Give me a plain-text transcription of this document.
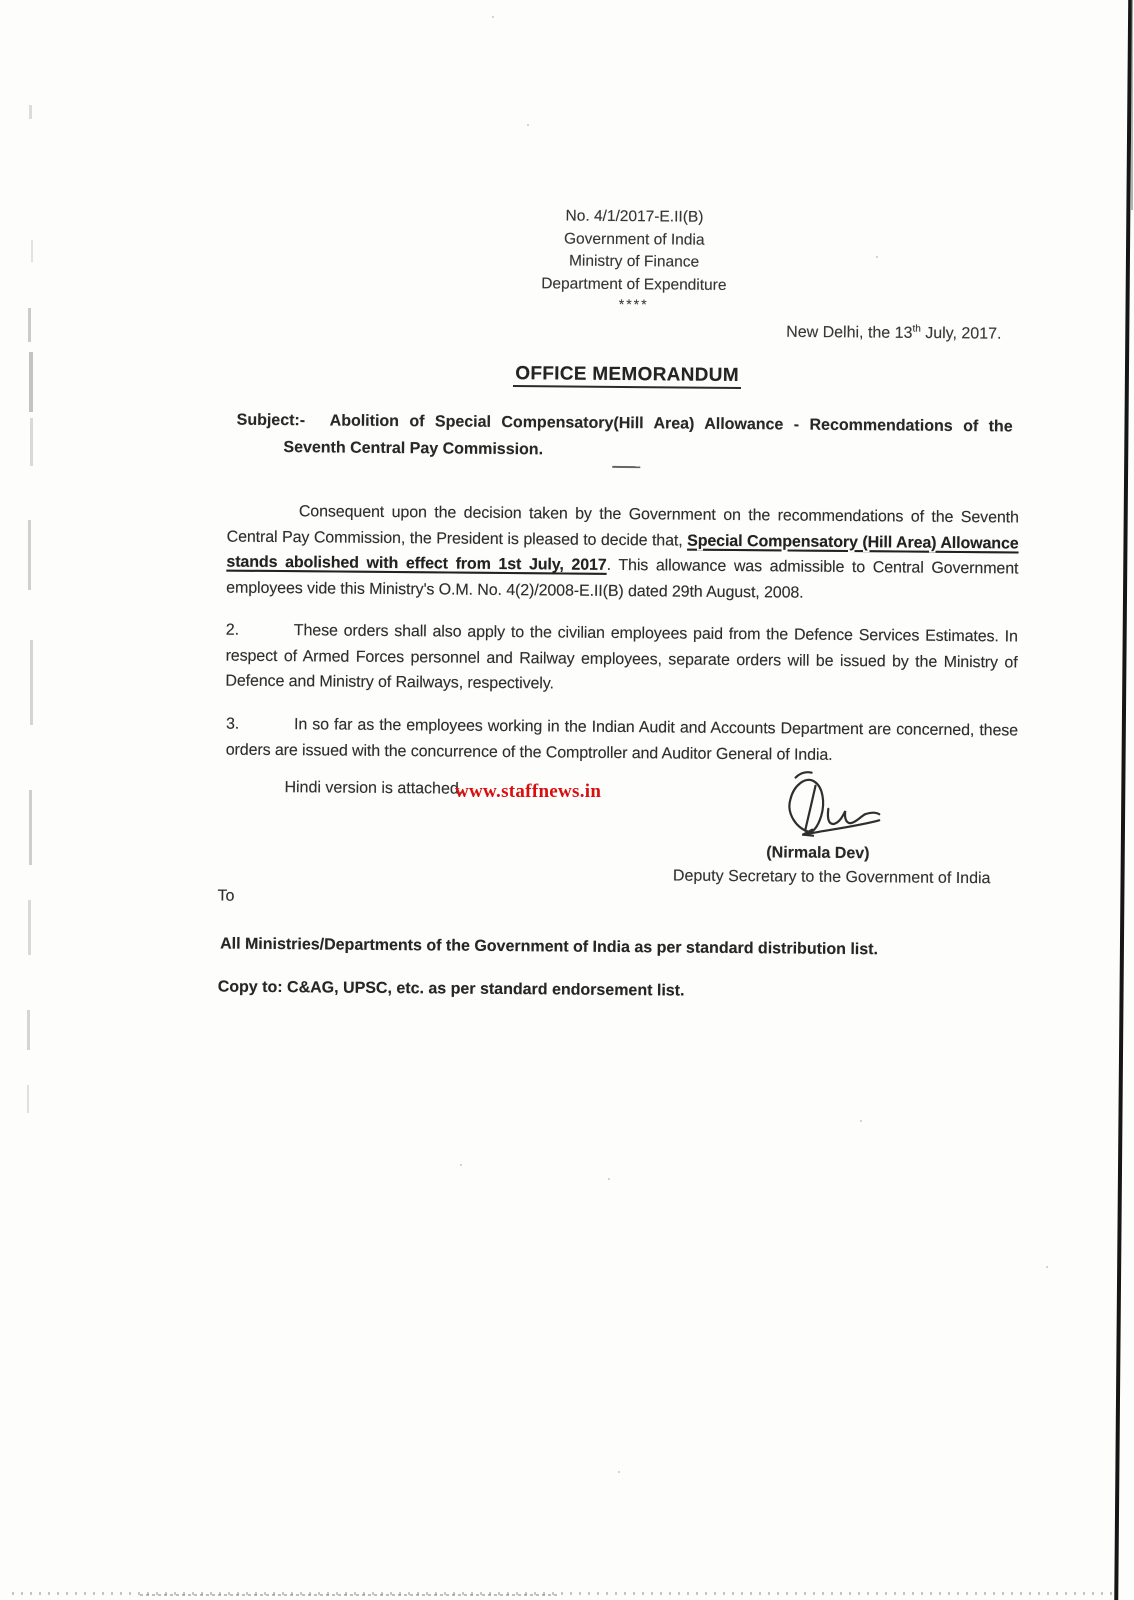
No. 4/1/2017-E.II(B)
Government of India
Ministry of Finance
Department of Expenditure
****
New Delhi, the 13th July, 2017.
OFFICE MEMORANDUM
Subject:-	Abolition of Special Compensatory(Hill Area) Allowance - Recommendations of the Seventh Central Pay Commission.
Consequent upon the decision taken by the Government on the recommendations of the Seventh Central Pay Commission, the President is pleased to decide that, Special Compensatory (Hill Area) Allowance stands abolished with effect from 1st July, 2017. This allowance was admissible to Central Government employees vide this Ministry's O.M. No. 4(2)/2008-E.II(B) dated 29th August, 2008.
2.	These orders shall also apply to the civilian employees paid from the Defence Services Estimates. In respect of Armed Forces personnel and Railway employees, separate orders will be issued by the Ministry of Defence and Ministry of Railways, respectively.
3.	In so far as the employees working in the Indian Audit and Accounts Department are concerned, these orders are issued with the concurrence of the Comptroller and Auditor General of India.
Hindi version is attached.
(Nirmala Dev)
Deputy Secretary to the Government of India
To
All Ministries/Departments of the Government of India as per standard distribution list.
Copy to: C&AG, UPSC, etc. as per standard endorsement list.
www.staffnews.in
